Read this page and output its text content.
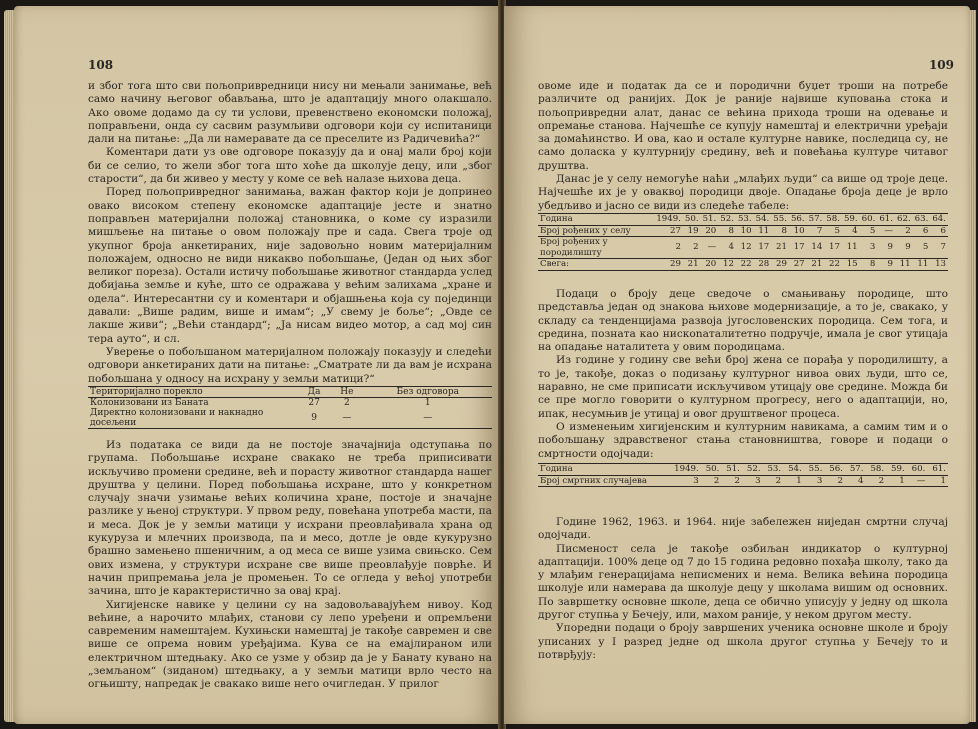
108

и због тога што сви пољопривредници нису ни мењали занимање, већ само начину његовог обављања, што је адаптацију много олакшало. Ако овоме додамо да су ти услови, превенствено економски положај, поправљени, онда су сасвим разумљиви одговори који су испитаници дали на питање: „Да ли намеравате да се преселите из Радичевића?“

Коментари дати уз ове одговоре показују да и онај мали број који би се селио, то жели због тога што хоће да школује децу, или „због старости“, да би живео у месту у коме се већ налазе њихова деца.

Поред пољопривредног занимања, важан фактор који је допринео овако високом степену економске адаптације јесте и знатно поправљен материјални положај становника, о коме су изразили мишљење на питање о овом положају пре и сада. Свега троје од укупног броја анкетираних, није задовољно новим материјалним положајем, односно не види никакво побољшање, (Један од њих због великог пореза). Остали истичу побољшање животног стандарда услед добијања земље и куће, што се одражава у већим залихама „хране и одела“. Интересантни су и коментари и објашњења која су појединци давали: „Више радим, више и имам“; „У свему је боље“; „Овде се лакше живи“; „Већи стандард“; „Ја нисам видео мотор, а сад мој син тера ауто“, и сл.

Уверење о побољшаном материјалном положају показују и следећи одговори анкетираних дати на питање: „Сматрате ли да вам је исхрана побољшана у односу на исхрану у земљи матици?“

Територијално порекло	Да	Не	Без одговора
Колонизовани из Баната	27	2	1
Директно колонизовани и накнадно досељени	9	—	—

Из података се види да не постоје значајнија одступања по групама. Побољшање исхране свакако не треба приписивати искључиво промени средине, већ и порасту животног стандарда нашег друштва у целини. Поред побољшања исхране, што у конкретном случају значи узимање већих количина хране, постоје и значајне разлике у њеној структури. У првом реду, повећана употреба масти, па и меса. Док је у земљи матици у исхрани преовлађивала храна од кукуруза и млечних производа, па и месо, дотле је овде кукурузно брашно замењено пшеничним, а од меса се више узима свињско. Сем ових измена, у структури исхране све више преовлађује поврће. И начин припремања јела је промењен. То се огледа у већој употреби зачина, што је карактеристично за овај крај.

Хигијенске навике у целини су на задовољавајућем нивоу. Код већине, а нарочито млађих, станови су лепо уређени и опремљени савременим намештајем. Кухињски намештај је такође савремен и све више се опрема новим уређајима. Кува се на емајлираном или електричном штедњаку. Ако се узме у обзир да је у Банату кувано на „земљаном“ (зиданом) штедњаку, а у земљи матици врло често на огњишту, напредак је свакако више него очигледан. У прилог

109

овоме иде и податак да се и породични буџет троши на потребе различите од ранијих. Док је раније највише куповања стока и пољопривредни алат, данас се већина прихода троши на одевање и опремање станова. Најчешће се купују намештај и електрични уређаји за домаћинство. И ова, као и остале културне навике, последица су, не само доласка у културнију средину, већ и повећања културе читавог друштва.

Данас је у селу немогуће наћи „млађих људи“ са више од троје деце. Најчешће их је у оваквој породици двоје. Опадање броја деце је врло убедљиво и јасно се види из следеће табеле:

Година	1949.	50.	51.	52.	53.	54.	55.	56.	57.	58.	59.	60.	61.	62.	63.	64.
Број рођених у селу	27	19	20	8	10	11	8	10	7	5	4	5	—	2	6	6
Број рођених у породилишту	2	2	—	4	12	17	21	17	14	17	11	3	9	9	5	7
Свега:	29	21	20	12	22	28	29	27	21	22	15	8	9	11	11	13

Подаци о броју деце сведоче о смањивању породице, што представља један од знакова њихове модернизације, а то је, свакако, у складу са тенденцијама развоја југословенских породица. Сем тога, и средина, позната као нискоnаталитетно подручје, имала је свог утицаја на опадање наталитета у овим породицама.

Из године у годину све већи број жена се порађа у породилишту, а то је, такође, доказ о подизању културног нивоа ових људи, што се, наравно, не сме приписати искључивом утицају ове средине. Можда би се пре могло говорити о културном прогресу, него о адаптацији, но, ипак, несумњив је утицај и овог друштвеног процеса.

О изменењим хигијенским и културним навикама, а самим тим и о побољшању здравственог стања становништва, говоре и подаци о смртности одојчади:

Година	1949.	50.	51.	52.	53.	54.	55.	56.	57.	58.	59.	60.	61.
Број смртних случајева	3	2	2	3	2	1	3	2	4	2	1	—	1

Године 1962, 1963. и 1964. није забележен ниједан смртни случај одојчади.

Писменост села је такође озбиљан индикатор о културној адаптацији. 100% деце од 7 до 15 година редовно похађа школу, тако да у млађим генерацијама неписмених и нема. Велика већина породица школује или намерава да школује децу у школама вишим од основних. По завршетку основне школе, деца се обично уписују у једну од школа другог ступња у Бечеју, или, махом раније, у неком другом месту.

Упоредни подаци о броју завршених ученика основне школе и броју уписаних у I разред једне од школа другог ступња у Бечеју то и потврђују:
